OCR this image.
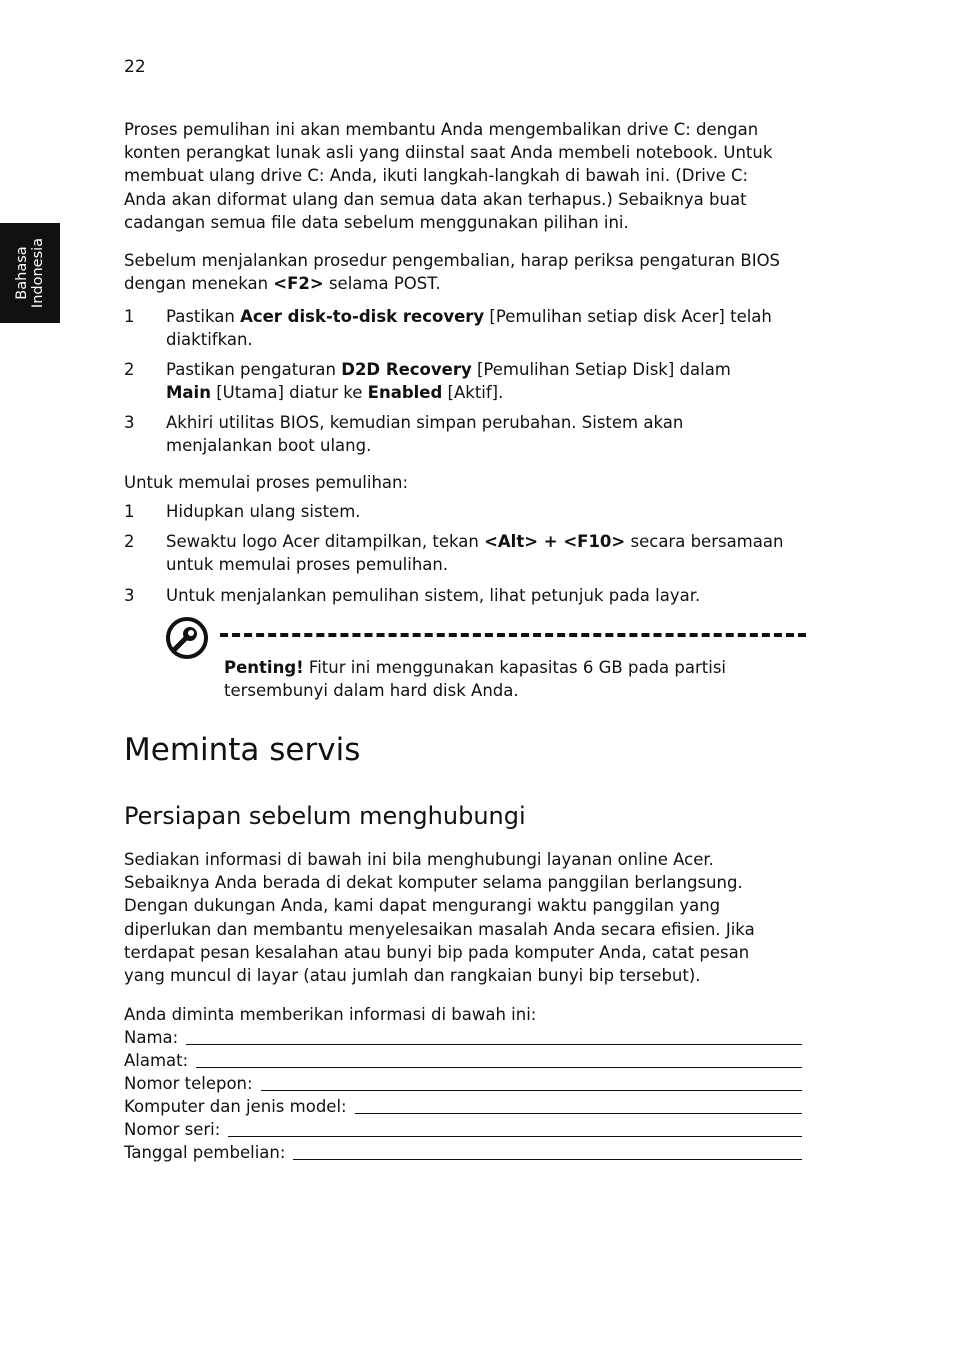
22
Bahasa Indonesia
Proses pemulihan ini akan membantu Anda mengembalikan drive C: dengan
konten perangkat lunak asli yang diinstal saat Anda membeli notebook. Untuk
membuat ulang drive C: Anda, ikuti langkah-langkah di bawah ini. (Drive C:
Anda akan diformat ulang dan semua data akan terhapus.) Sebaiknya buat
cadangan semua file data sebelum menggunakan pilihan ini.
Sebelum menjalankan prosedur pengembalian, harap periksa pengaturan BIOS
dengan menekan <F2> selama POST.
1 Pastikan Acer disk-to-disk recovery [Pemulihan setiap disk Acer] telah
diaktifkan.
2 Pastikan pengaturan D2D Recovery [Pemulihan Setiap Disk] dalam
Main [Utama] diatur ke Enabled [Aktif].
3 Akhiri utilitas BIOS, kemudian simpan perubahan. Sistem akan
menjalankan boot ulang.
Untuk memulai proses pemulihan:
1 Hidupkan ulang sistem.
2 Sewaktu logo Acer ditampilkan, tekan <Alt> + <F10> secara bersamaan
untuk memulai proses pemulihan.
3 Untuk menjalankan pemulihan sistem, lihat petunjuk pada layar.
Penting! Fitur ini menggunakan kapasitas 6 GB pada partisi
tersembunyi dalam hard disk Anda.
Meminta servis
Persiapan sebelum menghubungi
Sediakan informasi di bawah ini bila menghubungi layanan online Acer.
Sebaiknya Anda berada di dekat komputer selama panggilan berlangsung.
Dengan dukungan Anda, kami dapat mengurangi waktu panggilan yang
diperlukan dan membantu menyelesaikan masalah Anda secara efisien. Jika
terdapat pesan kesalahan atau bunyi bip pada komputer Anda, catat pesan
yang muncul di layar (atau jumlah dan rangkaian bunyi bip tersebut).
Anda diminta memberikan informasi di bawah ini:
Nama:
Alamat:
Nomor telepon:
Komputer dan jenis model:
Nomor seri:
Tanggal pembelian:
